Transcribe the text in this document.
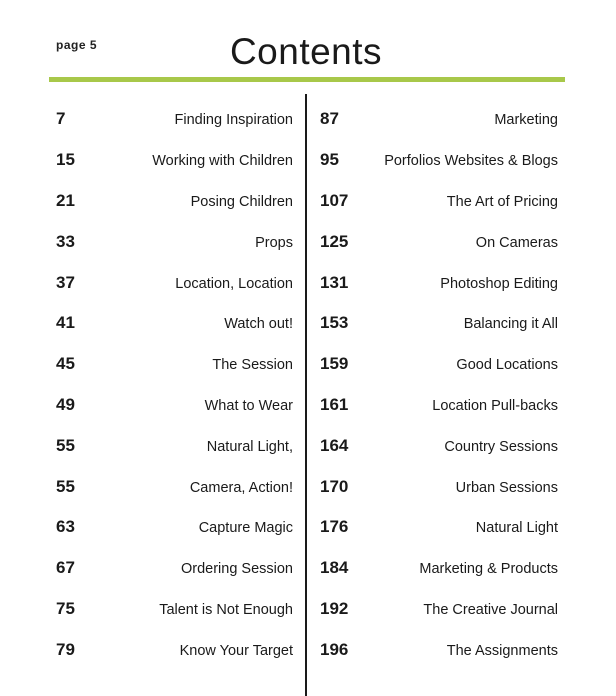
page 5	Contents
7	Finding Inspiration
15	Working with Children
21	Posing Children
33	Props
37	Location, Location
41	Watch out!
45	The Session
49	What to Wear
55	Natural Light,
55	Camera, Action!
63	Capture Magic
67	Ordering Session
75	Talent is Not Enough
79	Know Your Target
87	Marketing
95	Porfolios Websites & Blogs
107	The Art of Pricing
125	On Cameras
131	Photoshop Editing
153	Balancing it All
159	Good Locations
161	Location Pull-backs
164	Country Sessions
170	Urban Sessions
176	Natural Light
184	Marketing & Products
192	The Creative Journal
196	The Assignments
